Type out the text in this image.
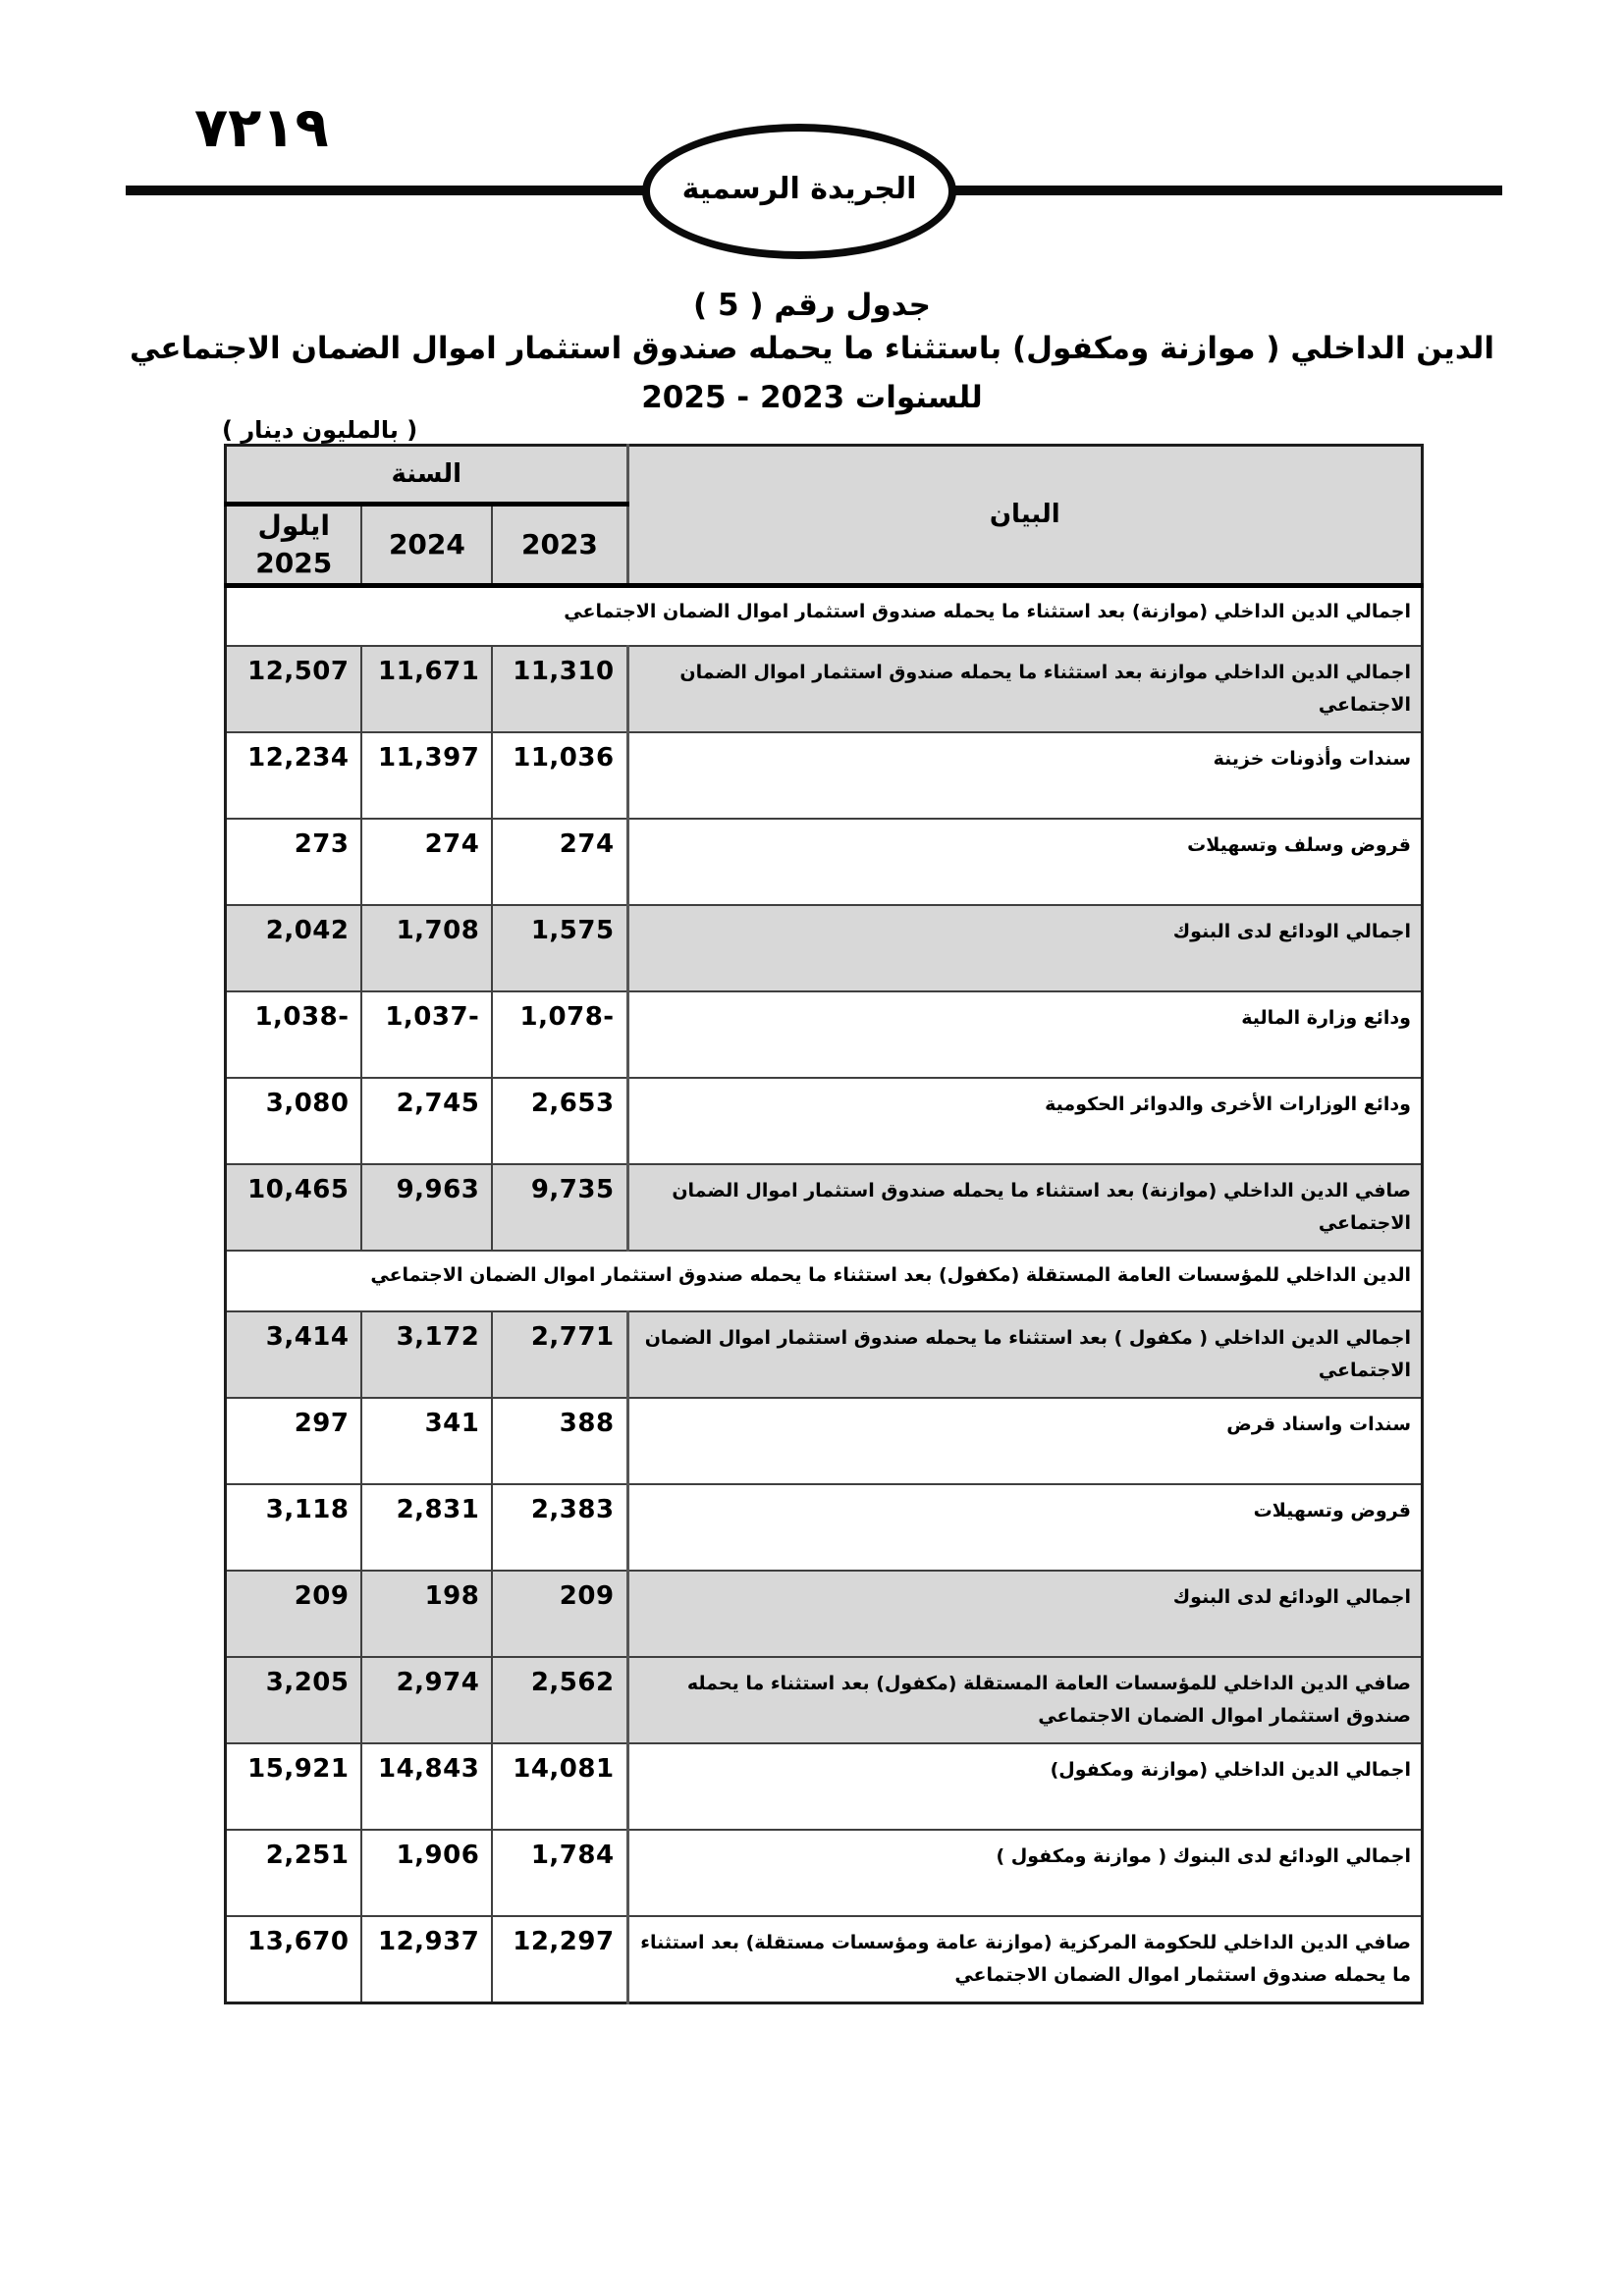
٧٢١٩
الجريدة الرسمية
جدول رقم ( 5 )
الدين الداخلي ( موازنة ومكفول) باستثناء ما يحمله صندوق استثمار اموال الضمان الاجتماعي
للسنوات 2023 - 2025
( بالمليون دينار )
البيان	السنة		
	2023	2024	ايلول
2025

اجمالي الدين الداخلي (موازنة) بعد استثناء ما يحمله صندوق استثمار اموال الضمان الاجتماعي			
اجمالي الدين الداخلي موازنة بعد استثناء ما يحمله صندوق استثمار اموال الضمان الاجتماعي	11,310	11,671	12,507
سندات وأذونات خزينة	11,036	11,397	12,234
قروض وسلف وتسهيلات	274	274	273
اجمالي الودائع لدى البنوك	1,575	1,708	2,042
ودائع وزارة المالية	1,078-	1,037-	1,038-
ودائع الوزارات الأخرى والدوائر الحكومية	2,653	2,745	3,080
صافي الدين الداخلي (موازنة) بعد استثناء ما يحمله صندوق استثمار اموال الضمان الاجتماعي	9,735	9,963	10,465
الدين الداخلي للمؤسسات العامة المستقلة (مكفول) بعد استثناء ما يحمله صندوق استثمار اموال الضمان الاجتماعي			
اجمالي الدين الداخلي ( مكفول ) بعد استثناء ما يحمله صندوق استثمار اموال الضمان الاجتماعي	2,771	3,172	3,414
سندات واسناد قرض	388	341	297
قروض وتسهيلات	2,383	2,831	3,118
اجمالي الودائع لدى البنوك	209	198	209
صافي الدين الداخلي للمؤسسات العامة المستقلة (مكفول) بعد استثناء ما يحمله صندوق استثمار اموال الضمان الاجتماعي	2,562	2,974	3,205
اجمالي الدين الداخلي (موازنة ومكفول)	14,081	14,843	15,921
اجمالي الودائع لدى البنوك ( موازنة ومكفول )	1,784	1,906	2,251
صافي الدين الداخلي للحكومة المركزية (موازنة عامة ومؤسسات مستقلة) بعد استثناء ما يحمله صندوق استثمار اموال الضمان الاجتماعي	12,297	12,937	13,670
